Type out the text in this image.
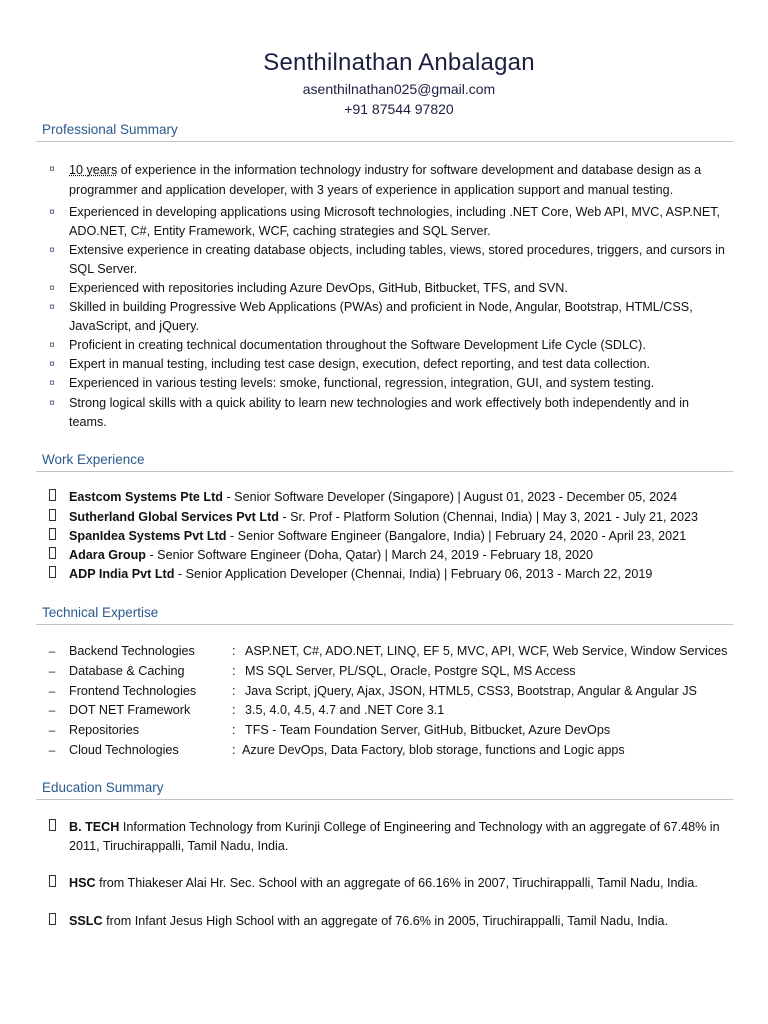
Senthilnathan Anbalagan
asenthilnathan025@gmail.com
+91 87544 97820
Professional Summary
¤ 10 years of experience in the information technology industry for software development and database design as a programmer and application developer, with 3 years of experience in application support and manual testing.
¤ Experienced in developing applications using Microsoft technologies, including .NET Core, Web API, MVC, ASP.NET, ADO.NET, C#, Entity Framework, WCF, caching strategies and SQL Server.
¤ Extensive experience in creating database objects, including tables, views, stored procedures, triggers, and cursors in SQL Server.
¤ Experienced with repositories including Azure DevOps, GitHub, Bitbucket, TFS, and SVN.
¤ Skilled in building Progressive Web Applications (PWAs) and proficient in Node, Angular, Bootstrap, HTML/CSS, JavaScript, and jQuery.
¤ Proficient in creating technical documentation throughout the Software Development Life Cycle (SDLC).
¤ Expert in manual testing, including test case design, execution, defect reporting, and test data collection.
¤ Experienced in various testing levels: smoke, functional, regression, integration, GUI, and system testing.
¤ Strong logical skills with a quick ability to learn new technologies and work effectively both independently and in teams.
Work Experience
Eastcom Systems Pte Ltd - Senior Software Developer (Singapore) | August 01, 2023 - December 05, 2024
Sutherland Global Services Pvt Ltd - Sr. Prof - Platform Solution (Chennai, India) | May 3, 2021 - July 21, 2023
SpanIdea Systems Pvt Ltd - Senior Software Engineer (Bangalore, India) | February 24, 2020 - April 23, 2021
Adara Group - Senior Software Engineer (Doha, Qatar) | March 24, 2019 - February 18, 2020
ADP India Pvt Ltd - Senior Application Developer (Chennai, India) | February 06, 2013 - March 22, 2019
Technical Expertise
– Backend Technologies	: ASP.NET, C#, ADO.NET, LINQ, EF 5, MVC, API, WCF, Web Service, Window Services
– Database & Caching	: MS SQL Server, PL/SQL, Oracle, Postgre SQL, MS Access
– Frontend Technologies	: Java Script, jQuery, Ajax, JSON, HTML5, CSS3, Bootstrap, Angular & Angular JS
– DOT NET Framework	: 3.5, 4.0, 4.5, 4.7 and .NET Core 3.1
– Repositories	: TFS - Team Foundation Server, GitHub, Bitbucket, Azure DevOps
– Cloud Technologies	: Azure DevOps, Data Factory, blob storage, functions and Logic apps
Education Summary
B. TECH Information Technology from Kurinji College of Engineering and Technology with an aggregate of 67.48% in 2011, Tiruchirappalli, Tamil Nadu, India.
HSC from Thiakeser Alai Hr. Sec. School with an aggregate of 66.16% in 2007, Tiruchirappalli, Tamil Nadu, India.
SSLC from Infant Jesus High School with an aggregate of 76.6% in 2005, Tiruchirappalli, Tamil Nadu, India.
